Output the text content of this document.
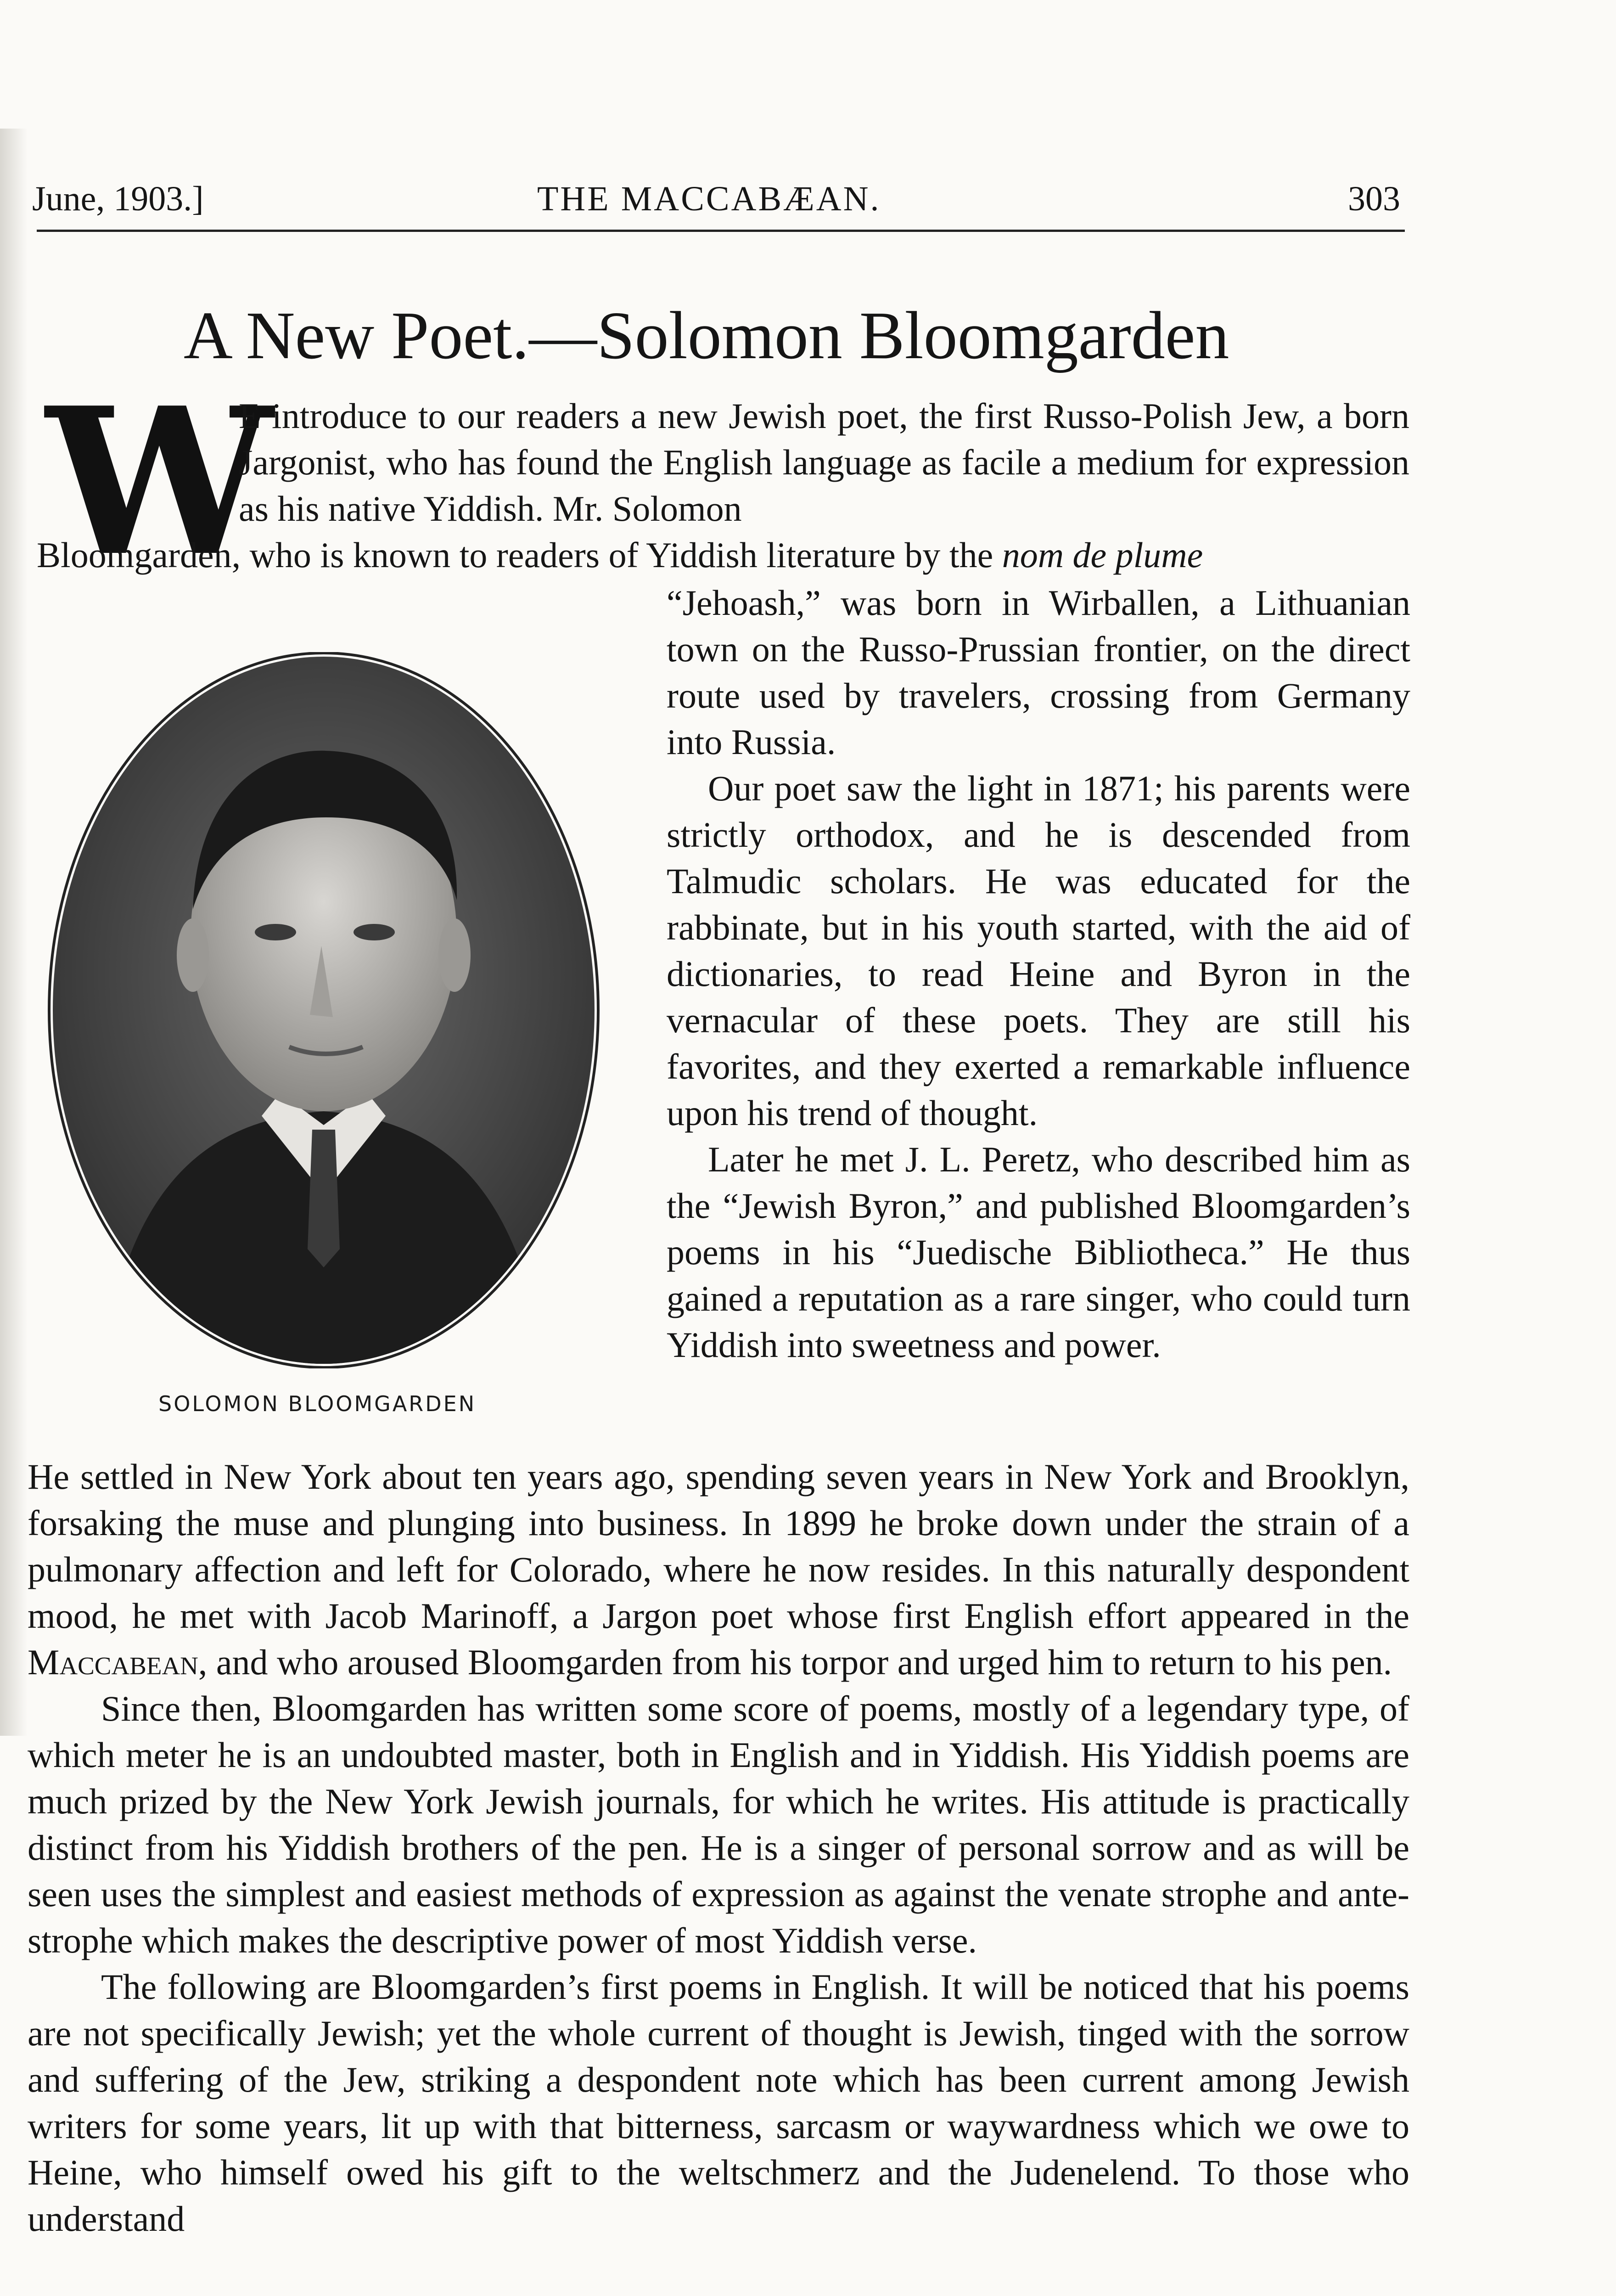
June, 1903.]	THE MACCABÆAN.	303
A New Poet.—Solomon Bloomgarden
W
E introduce to our readers a new Jewish poet, the first Russo-Polish Jew, a born Jargonist, who has found the English language as facile a medium for expression as his native Yiddish. Mr. Solomon
Bloomgarden, who is known to readers of Yiddish literature by the nom de plume
SOLOMON BLOOMGARDEN

“Jehoash,” was born in Wirballen, a Lithuanian town on the Russo-Prussian frontier, on the direct route used by travelers, crossing from Germany into Russia.

Our poet saw the light in 1871; his parents were strictly orthodox, and he is descended from Talmudic scholars. He was educated for the rabbinate, but in his youth started, with the aid of dictionaries, to read Heine and Byron in the vernacular of these poets. They are still his favorites, and they exerted a remarkable influence upon his trend of thought.

Later he met J. L. Peretz, who described him as the “Jewish Byron,” and published Bloomgarden’s poems in his “Juedische Bibliotheca.” He thus gained a reputation as a rare singer, who could turn Yiddish into sweetness and power.

He settled in New York about ten years ago, spending seven years in New York and Brooklyn, forsaking the muse and plunging into business. In 1899 he broke down under the strain of a pulmonary affection and left for Colorado, where he now resides. In this naturally despondent mood, he met with Jacob Marinoff, a Jargon poet whose first English effort appeared in the Maccabean, and who aroused Bloomgarden from his torpor and urged him to return to his pen.

Since then, Bloomgarden has written some score of poems, mostly of a legendary type, of which meter he is an undoubted master, both in English and in Yiddish. His Yiddish poems are much prized by the New York Jewish journals, for which he writes. His attitude is practically distinct from his Yiddish brothers of the pen. He is a singer of personal sorrow and as will be seen uses the simplest and easiest methods of expression as against the venate strophe and ante-strophe which makes the descriptive power of most Yiddish verse.

The following are Bloomgarden’s first poems in English. It will be noticed that his poems are not specifically Jewish; yet the whole current of thought is Jewish, tinged with the sorrow and suffering of the Jew, striking a despondent note which has been current among Jewish writers for some years, lit up with that bitterness, sarcasm or waywardness which we owe to Heine, who himself owed his gift to the weltschmerz and the Judenelend. To those who understand
